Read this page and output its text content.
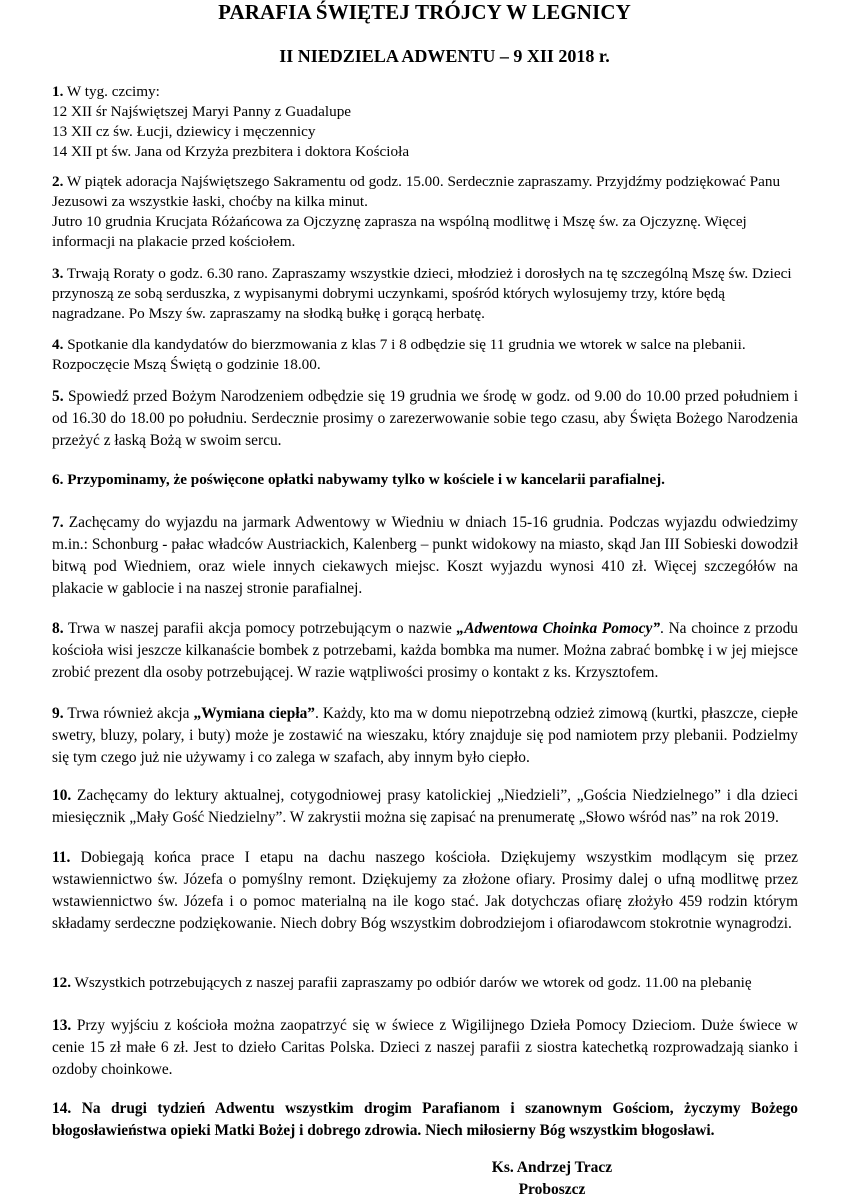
PARAFIA ŚWIĘTEJ TRÓJCY W LEGNICY
II NIEDZIELA ADWENTU – 9 XII 2018 r.
1. W tyg. czcimy:
12 XII śr Najświętszej Maryi Panny z Guadalupe
13 XII cz św. Łucji, dziewicy i męczennicy
14 XII pt św. Jana od Krzyża prezbitera i doktora Kościoła
2. W piątek adoracja Najświętszego Sakramentu od godz. 15.00. Serdecznie zapraszamy. Przyjdźmy podziękować Panu Jezusowi za wszystkie łaski, choćby na kilka minut.
Jutro 10 grudnia Krucjata Różańcowa za Ojczyznę zaprasza na wspólną modlitwę i Mszę św. za Ojczyznę. Więcej informacji na plakacie przed kościołem.
3. Trwają Roraty o godz. 6.30 rano. Zapraszamy wszystkie dzieci, młodzież i dorosłych na tę szczególną Mszę św. Dzieci przynoszą ze sobą serduszka, z wypisanymi dobrymi uczynkami, spośród których wylosujemy trzy, które będą nagradzane. Po Mszy św. zapraszamy na słodką bułkę i gorącą herbatę.
4. Spotkanie dla kandydatów do bierzmowania z klas 7 i 8 odbędzie się 11 grudnia we wtorek w salce na plebanii. Rozpoczęcie Mszą Świętą o godzinie 18.00.
5. Spowiedź przed Bożym Narodzeniem odbędzie się 19 grudnia we środę w godz. od 9.00 do 10.00 przed południem i od 16.30 do 18.00 po południu. Serdecznie prosimy o zarezerwowanie sobie tego czasu, aby Święta Bożego Narodzenia przeżyć z łaską Bożą w swoim sercu.
6. Przypominamy, że poświęcone opłatki nabywamy tylko w kościele i w kancelarii parafialnej.
7. Zachęcamy do wyjazdu na jarmark Adwentowy w Wiedniu w dniach 15-16 grudnia. Podczas wyjazdu odwiedzimy m.in.: Schonburg - pałac władców Austriackich, Kalenberg – punkt widokowy na miasto, skąd Jan III Sobieski dowodził bitwą pod Wiedniem, oraz wiele innych ciekawych miejsc. Koszt wyjazdu wynosi 410 zł. Więcej szczegółów na plakacie w gablocie i na naszej stronie parafialnej.
8. Trwa w naszej parafii akcja pomocy potrzebującym o nazwie „Adwentowa Choinka Pomocy”. Na choince z przodu kościoła wisi jeszcze kilkanaście bombek z potrzebami, każda bombka ma numer. Można zabrać bombkę i w jej miejsce zrobić prezent dla osoby potrzebującej. W razie wątpliwości prosimy o kontakt z ks. Krzysztofem.
9. Trwa również akcja „Wymiana ciepła”. Każdy, kto ma w domu niepotrzebną odzież zimową (kurtki, płaszcze, ciepłe swetry, bluzy, polary, i buty) może je zostawić na wieszaku, który znajduje się pod namiotem przy plebanii. Podzielmy się tym czego już nie używamy i co zalega w szafach, aby innym było ciepło.
10. Zachęcamy do lektury aktualnej, cotygodniowej prasy katolickiej „Niedzieli”, „Gościa Niedzielnego” i dla dzieci miesięcznik „Mały Gość Niedzielny”. W zakrystii można się zapisać na prenumeratę „Słowo wśród nas” na rok 2019.
11. Dobiegają końca prace I etapu na dachu naszego kościoła. Dziękujemy wszystkim modlącym się przez wstawiennictwo św. Józefa o pomyślny remont. Dziękujemy za złożone ofiary. Prosimy dalej o ufną modlitwę przez wstawiennictwo św. Józefa i o pomoc materialną na ile kogo stać. Jak dotychczas ofiarę złożyło 459 rodzin którym składamy serdeczne podziękowanie. Niech dobry Bóg wszystkim dobrodziejom i ofiarodawcom stokrotnie wynagrodzi.
12. Wszystkich potrzebujących z naszej parafii zapraszamy po odbiór darów we wtorek od godz. 11.00 na plebanię
13. Przy wyjściu z kościoła można zaopatrzyć się w świece z Wigilijnego Dzieła Pomocy Dzieciom. Duże świece w cenie 15 zł małe 6 zł. Jest to dzieło Caritas Polska. Dzieci z naszej parafii z siostra katechetką rozprowadzają sianko i ozdoby choinkowe.
14. Na drugi tydzień Adwentu wszystkim drogim Parafianom i szanownym Gościom, życzymy Bożego błogosławieństwa opieki Matki Bożej i dobrego zdrowia. Niech miłosierny Bóg wszystkim błogosławi.
Ks. Andrzej Tracz
Proboszcz
